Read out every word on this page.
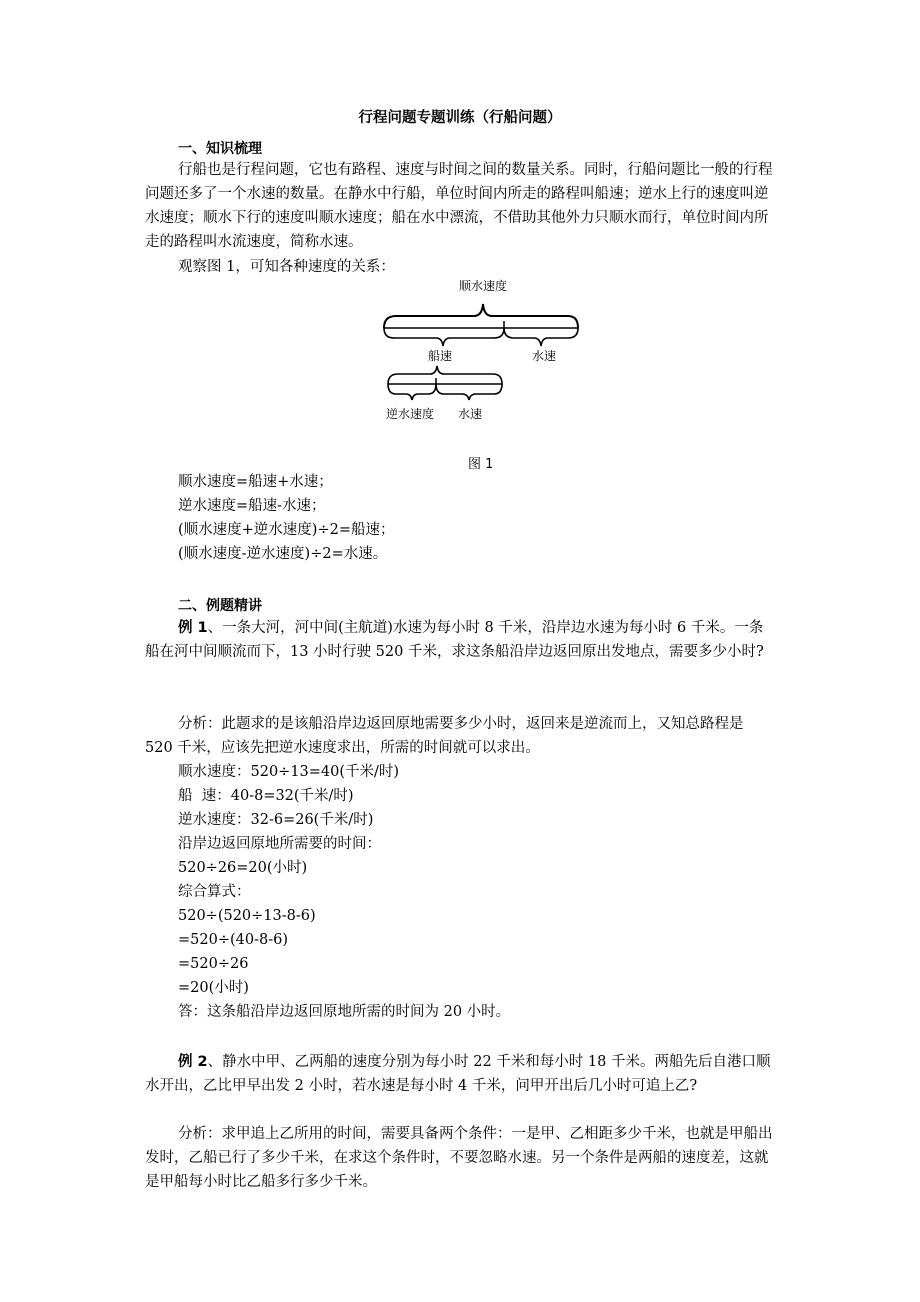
行程问题专题训练（行船问题）
一、知识梳理

行船也是行程问题，它也有路程、速度与时间之间的数量关系。同时，行船问题比一般的行程问题还多了一个水速的数量。在静水中行船，单位时间内所走的路程叫船速；逆水上行的速度叫逆水速度；顺水下行的速度叫顺水速度；船在水中漂流，不借助其他外力只顺水而行，单位时间内所走的路程叫水流速度，简称水速。

观察图 1，可知各种速度的关系：

顺水速度
船速	水速
逆水速度 水速
图 1
顺水速度=船速+水速；
逆水速度=船速-水速；
(顺水速度+逆水速度)÷2=船速；
(顺水速度-逆水速度)÷2=水速。
二、例题精讲

例 1、一条大河，河中间(主航道)水速为每小时 8 千米，沿岸边水速为每小时 6 千米。一条船在河中间顺流而下，13 小时行驶 520 千米，求这条船沿岸边返回原出发地点，需要多少小时?

分析：此题求的是该船沿岸边返回原地需要多少小时，返回来是逆流而上，又知总路程是 520 千米，应该先把逆水速度求出，所需的时间就可以求出。

顺水速度：520÷13=40(千米/时)
船  速：40-8=32(千米/时)
逆水速度：32-6=26(千米/时)
沿岸边返回原地所需要的时间：
520÷26=20(小时)
综合算式：
520÷(520÷13-8-6)
=520÷(40-8-6)
=520÷26
=20(小时)
答：这条船沿岸边返回原地所需的时间为 20 小时。

例 2、静水中甲、乙两船的速度分别为每小时 22 千米和每小时 18 千米。两船先后自港口顺水开出，乙比甲早出发 2 小时，若水速是每小时 4 千米，问甲开出后几小时可追上乙?

分析：求甲追上乙所用的时间，需要具备两个条件：一是甲、乙相距多少千米，也就是甲船出发时，乙船已行了多少千米，在求这个条件时，不要忽略水速。另一个条件是两船的速度差，这就是甲船每小时比乙船多行多少千米。
